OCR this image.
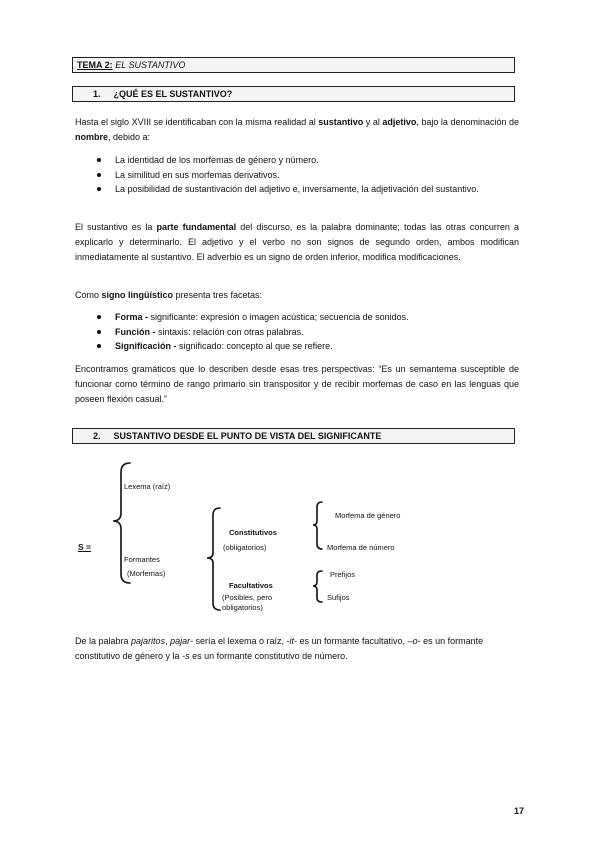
TEMA 2: EL SUSTANTIVO
1. ¿QUÉ ES EL SUSTANTIVO?
Hasta el siglo XVIII se identificaban con la misma realidad al sustantivo y al adjetivo, bajo la denominación de nombre, debido a:
La identidad de los morfemas de género y número.
La similitud en sus morfemas derivativos.
La posibilidad de sustantivación del adjetivo e, inversamente, la adjetivación del sustantivo.
El sustantivo es la parte fundamental del discurso, es la palabra dominante; todas las otras concurren a explicarlo y determinarlo. El adjetivo y el verbo no son signos de segundo orden, ambos modifican inmediatamente al sustantivo. El adverbio es un signo de orden inferior, modifica modificaciones.
Como signo lingüístico presenta tres facetas:
Forma - significante: expresión o imagen acústica; secuencia de sonidos.
Función - sintaxis: relación con otras palabras.
Significación - significado: concepto al que se refiere.
Encontramos gramáticos que lo describen desde esas tres perspectivas: “Es un semantema susceptible de funcionar como término de rango primario sin transpositor y de recibir morfemas de caso en las lenguas que poseen flexión casual.”
2. SUSTANTIVO DESDE EL PUNTO DE VISTA DEL SIGNIFICANTE
S =
Lexema (raíz)
Formantes
(Morfemas)
Constitutivos
(obligatorios)
Facultativos
(Posibles, pero
obligatorios)
Morfema de género
Morfema de número
Prefijos
Sufijos
De la palabra pajaritos, pajar- sería el lexema o raíz, -it- es un formante facultativo, –o- es un formante constitutivo de género y la -s es un formante constitutivo de número.
17
